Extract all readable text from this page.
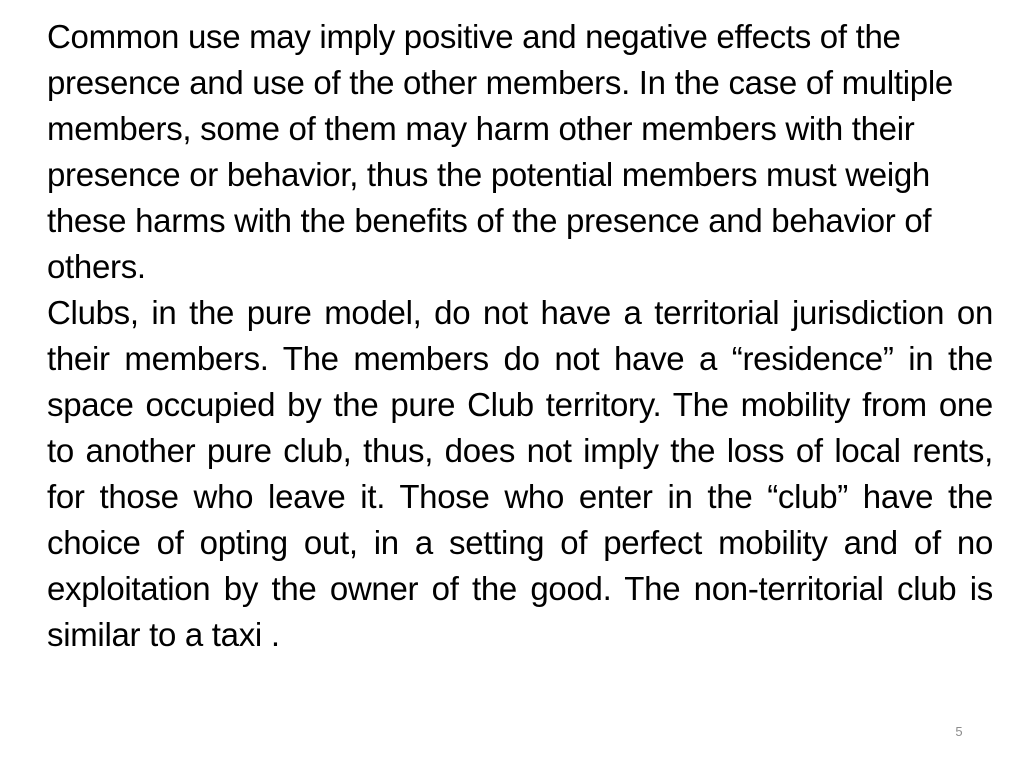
Common use may imply positive and negative effects of the presence and use of the other members. In the case of multiple members, some of them may harm other members with their presence or behavior, thus the potential members must weigh these harms with the benefits of the presence and behavior of others.

Clubs, in the pure model, do not have a territorial jurisdiction on their members. The members do not have a “residence” in the space occupied by the pure Club territory. The mobility from one to another pure club, thus, does not imply the loss of local rents, for those who leave it. Those who enter in the “club” have the choice of opting out, in a setting of perfect mobility and of no exploitation by the owner of the good. The non-territorial club is similar to a taxi .

5
